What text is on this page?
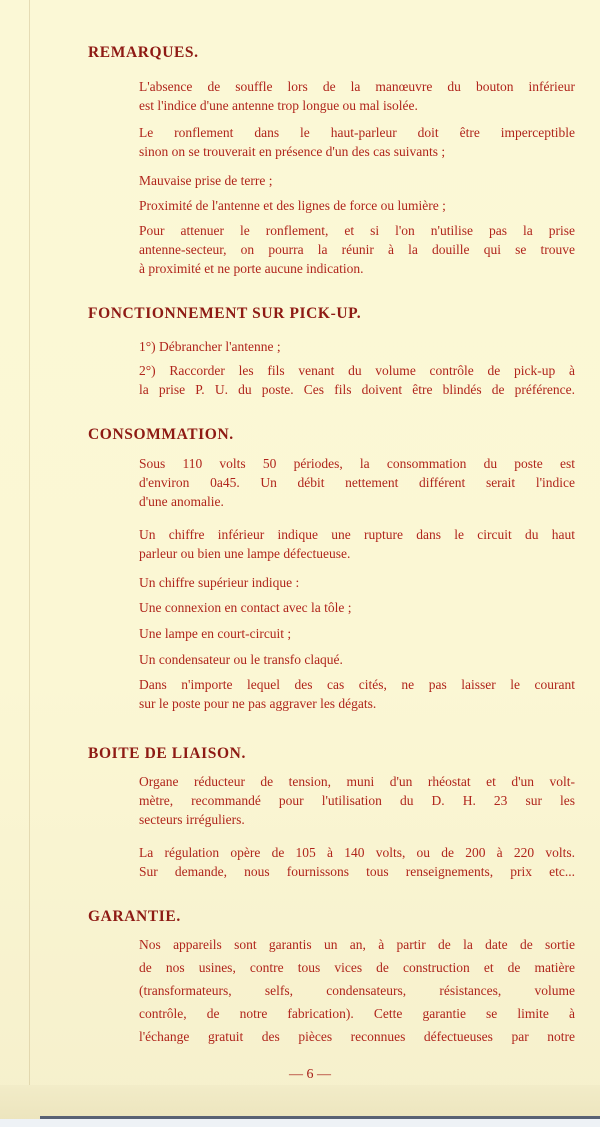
REMARQUES.
L'absence de souffle lors de la manœuvre du bouton inférieur
est l'indice d'une antenne trop longue ou mal isolée.
Le ronflement dans le haut-parleur doit être imperceptible
sinon on se trouverait en présence d'un des cas suivants ;
Mauvaise prise de terre ;
Proximité de l'antenne et des lignes de force ou lumière ;
Pour attenuer le ronflement, et si l'on n'utilise pas la prise
antenne-secteur, on pourra la réunir à la douille qui se trouve
à proximité et ne porte aucune indication.
FONCTIONNEMENT SUR PICK-UP.
1°) Débrancher l'antenne ;
2°) Raccorder les fils venant du volume contrôle de pick-up à
la prise P. U. du poste. Ces fils doivent être blindés de préférence.
CONSOMMATION.
Sous 110 volts 50 périodes, la consommation du poste est
d'environ 0a45. Un débit nettement différent serait l'indice
d'une anomalie.
Un chiffre inférieur indique une rupture dans le circuit du haut
parleur ou bien une lampe défectueuse.
Un chiffre supérieur indique :
Une connexion en contact avec la tôle ;
Une lampe en court-circuit ;
Un condensateur ou le transfo claqué.
Dans n'importe lequel des cas cités, ne pas laisser le courant
sur le poste pour ne pas aggraver les dégats.
BOITE DE LIAISON.
Organe réducteur de tension, muni d'un rhéostat et d'un volt-
mètre, recommandé pour l'utilisation du D. H. 23 sur les
secteurs irréguliers.
La régulation opère de 105 à 140 volts, ou de 200 à 220 volts.
Sur demande, nous fournissons tous renseignements, prix etc...
GARANTIE.
Nos appareils sont garantis un an, à partir de la date de sortie
de nos usines, contre tous vices de construction et de matière
(transformateurs, selfs, condensateurs, résistances, volume
contrôle, de notre fabrication). Cette garantie se limite à
l'échange gratuit des pièces reconnues défectueuses par notre
— 6 —
